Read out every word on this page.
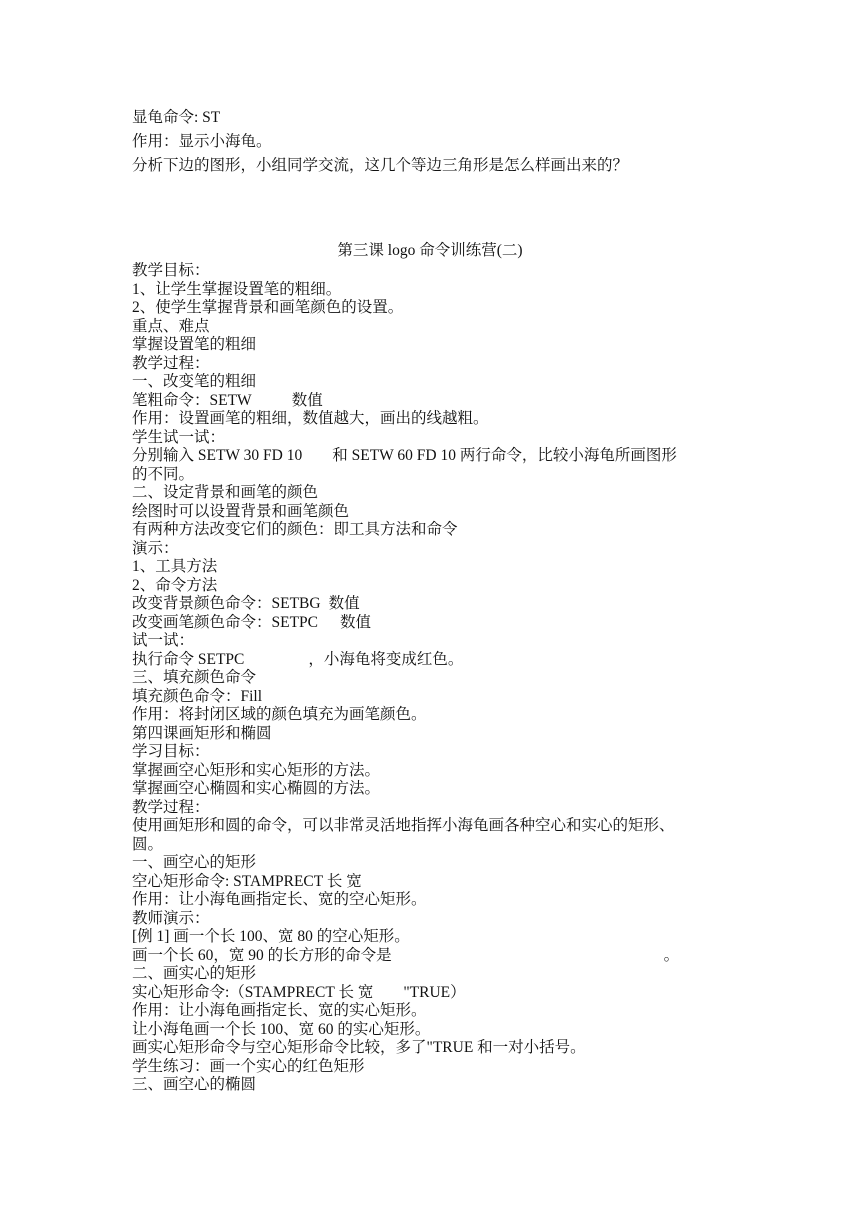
显龟命令: ST
作用：显示小海龟。
分析下边的图形，小组同学交流，这几个等边三角形是怎么样画出来的？
第三课 logo 命令训练营(二)
教学目标：
1、让学生掌握设置笔的粗细。
2、使学生掌握背景和画笔颜色的设置。
重点、难点
掌握设置笔的粗细
教学过程：
一、改变笔的粗细
笔粗命令：SETW	数值
作用：设置画笔的粗细，数值越大，画出的线越粗。
学生试一试：
分别输入 SETW 30 FD 10 和 SETW 60 FD 10 两行命令，比较小海龟所画图形
的不同。
二、设定背景和画笔的颜色
绘图时可以设置背景和画笔颜色
有两种方法改变它们的颜色：即工具方法和命令
演示：
1、工具方法
2、命令方法
改变背景颜色命令：SETBG 数值
改变画笔颜色命令：SETPC 数值
试一试：
执行命令 SETPC	，小海龟将变成红色。
三、填充颜色命令
填充颜色命令：Fill
作用：将封闭区域的颜色填充为画笔颜色。
第四课画矩形和椭圆
学习目标：
掌握画空心矩形和实心矩形的方法。
掌握画空心椭圆和实心椭圆的方法。
教学过程：
使用画矩形和圆的命令，可以非常灵活地指挥小海龟画各种空心和实心的矩形、
圆。
一、画空心的矩形
空心矩形命令: STAMPRECT 长 宽
作用：让小海龟画指定长、宽的空心矩形。
教师演示：
[例 1] 画一个长 100、宽 80 的空心矩形。
画一个长 60，宽 90 的长方形的命令是	。
二、画实心的矩形
实心矩形命令:（STAMPRECT 长 宽 "TRUE）
作用：让小海龟画指定长、宽的实心矩形。
让小海龟画一个长 100、宽 60 的实心矩形。
画实心矩形命令与空心矩形命令比较，多了"TRUE 和一对小括号。
学生练习：画一个实心的红色矩形
三、画空心的椭圆
